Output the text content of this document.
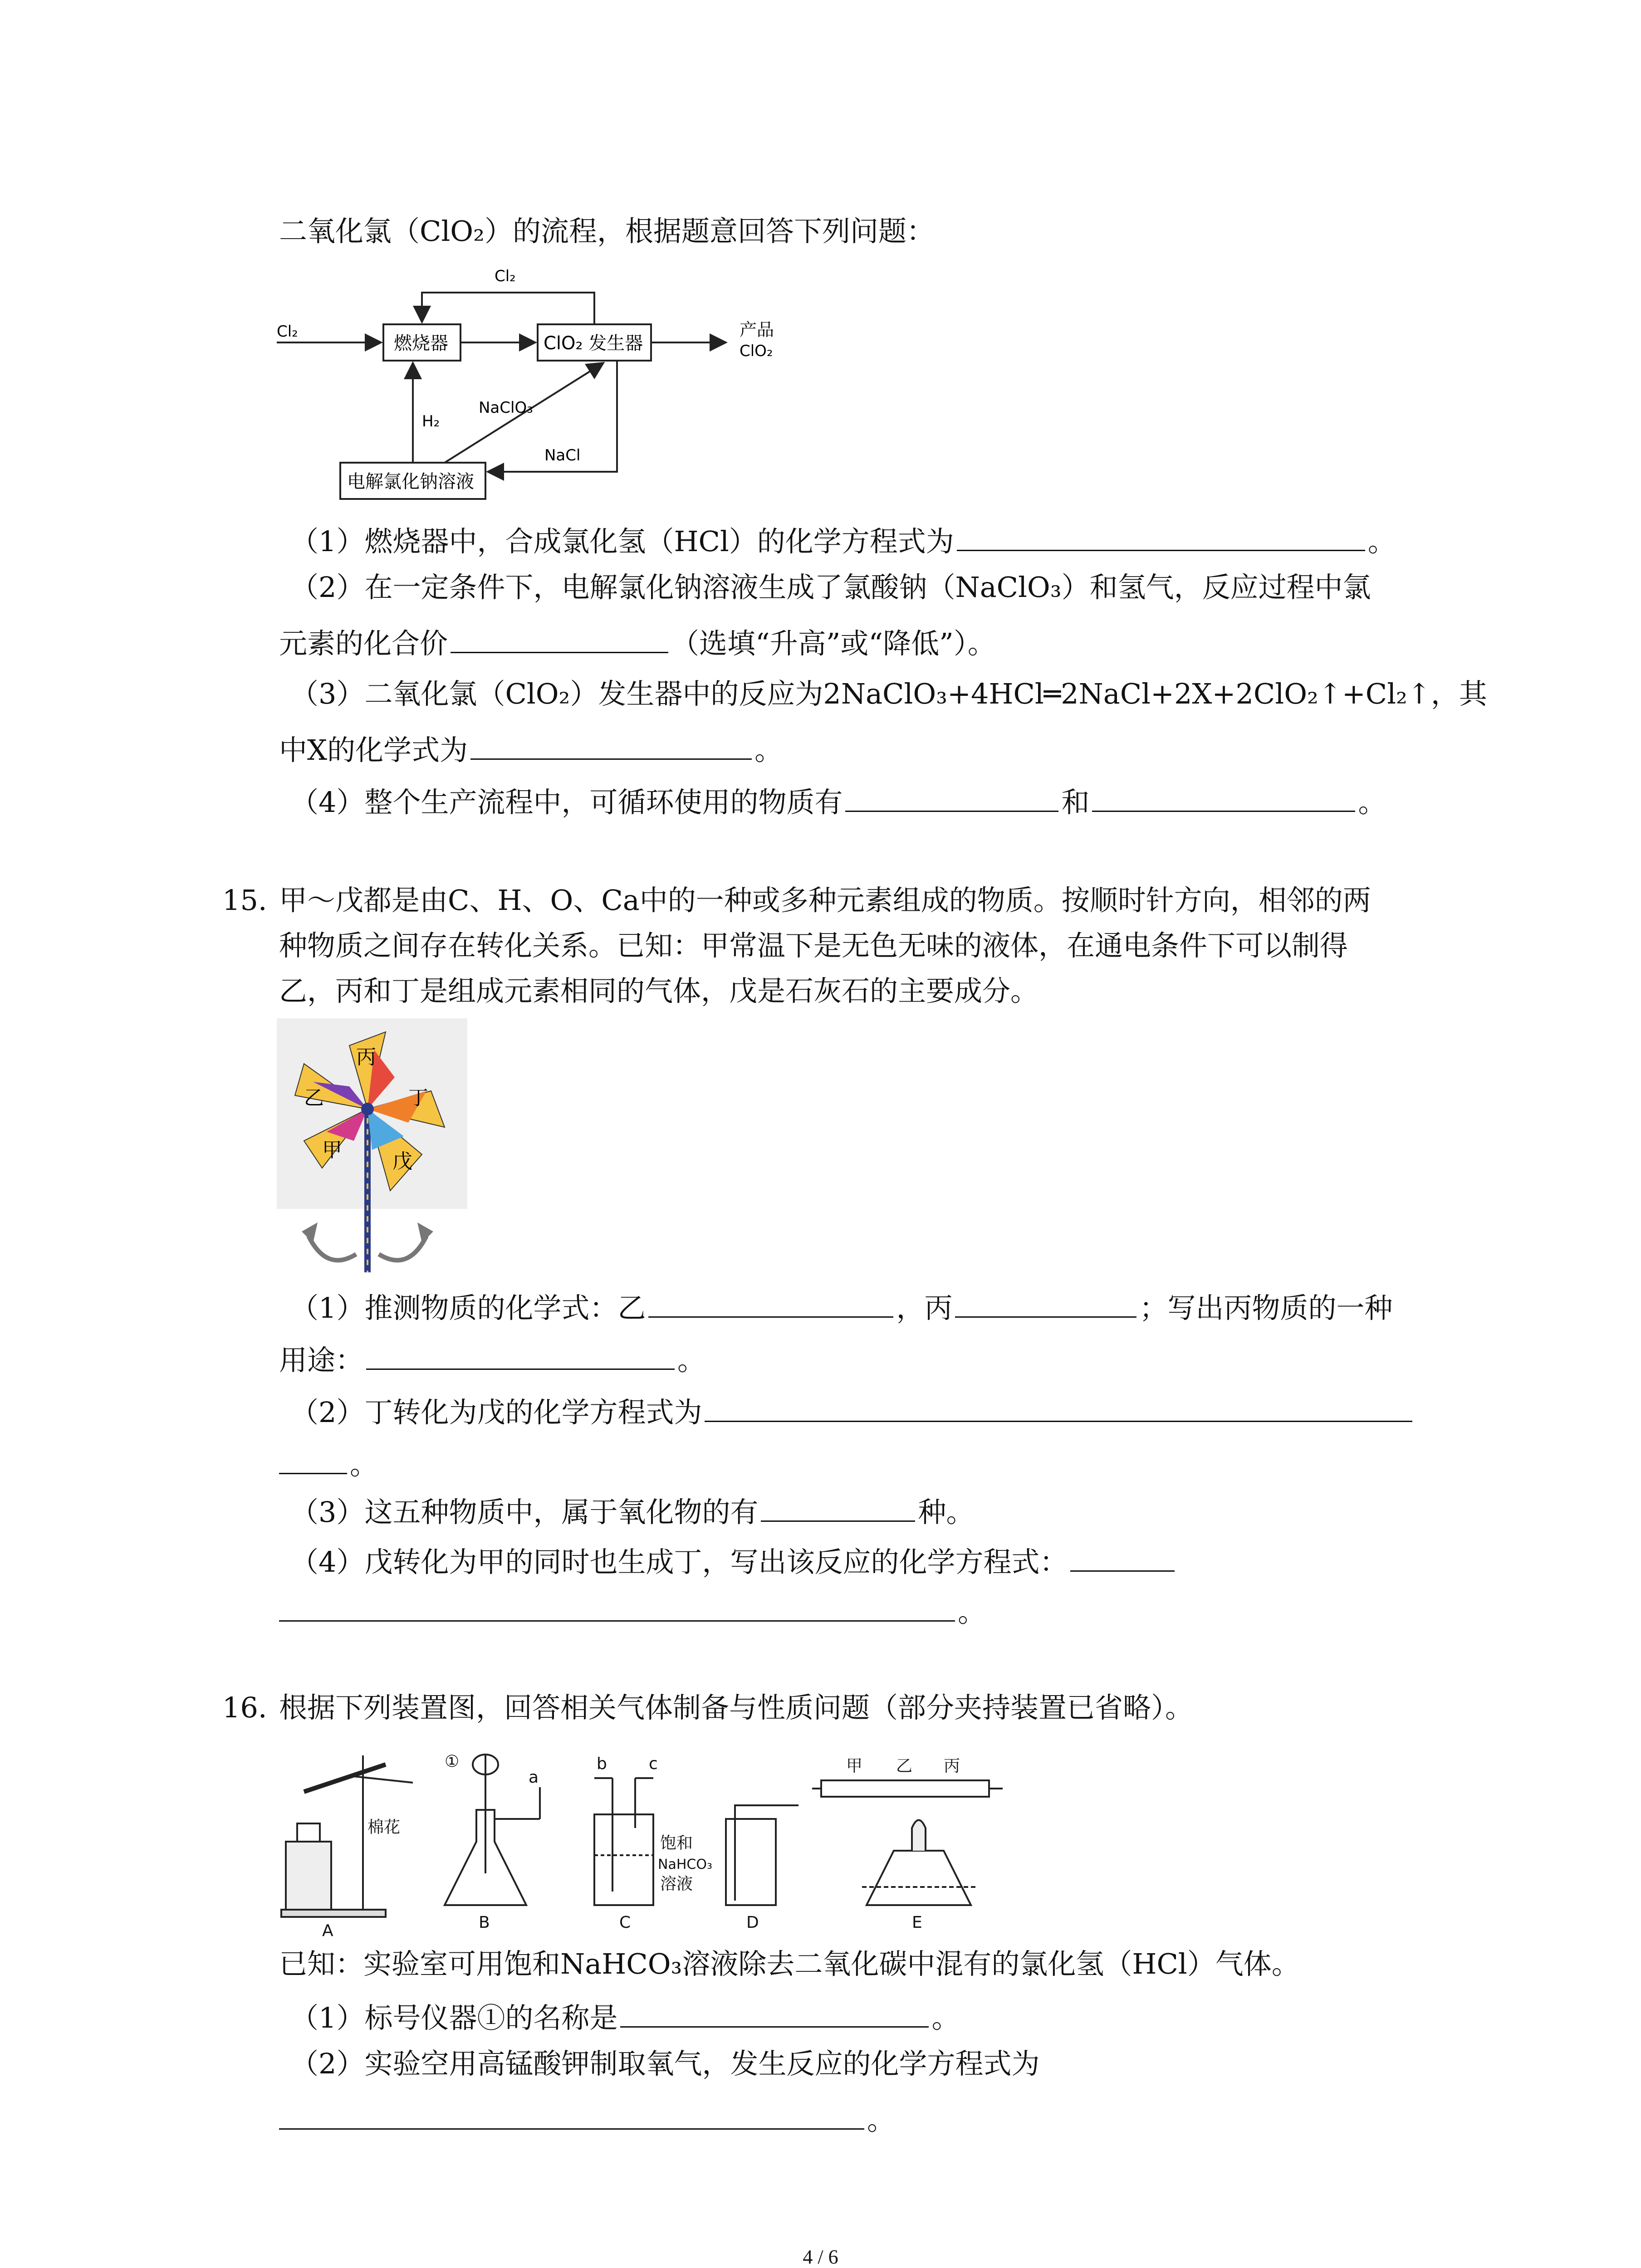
二氧化氯（ClO₂）的流程，根据题意回答下列问题：
Cl₂
Cl₂
燃烧器	ClO₂ 发生器
产品
ClO₂
H₂
NaClO₃
NaCl
电解氯化钠溶液
（1）燃烧器中，合成氯化氢（HCl）的化学方程式为	。
（2）在一定条件下，电解氯化钠溶液生成了氯酸钠（NaClO₃）和氢气，反应过程中氯
元素的化合价	（选填“升高”或“降低”）。
（3）二氧化氯（ClO₂）发生器中的反应为2NaClO₃+4HCl═2NaCl+2X+2ClO₂↑+Cl₂↑，其
中X的化学式为	。
（4）整个生产流程中，可循环使用的物质有	和	。
15. 甲～戊都是由C、H、O、Ca中的一种或多种元素组成的物质。按顺时针方向，相邻的两
种物质之间存在转化关系。已知：甲常温下是无色无味的液体，在通电条件下可以制得
乙，丙和丁是组成元素相同的气体，戊是石灰石的主要成分。
丙
丁
戊
甲
乙
（1）推测物质的化学式：乙	，丙	；写出丙物质的一种
用途：	。
（2）丁转化为戊的化学方程式为
。
（3）这五种物质中，属于氧化物的有	种。
（4）戊转化为甲的同时也生成丁，写出该反应的化学方程式：
。
16. 根据下列装置图，回答相关气体制备与性质问题（部分夹持装置已省略）。
A	B	C	D	E
棉花
①
a
b	c
饱和
NaHCO₃
溶液
甲 乙 丙
已知：实验室可用饱和NaHCO₃溶液除去二氧化碳中混有的氯化氢（HCl）气体。
（1）标号仪器①的名称是	。
（2）实验空用高锰酸钾制取氧气，发生反应的化学方程式为
。
4 / 6
